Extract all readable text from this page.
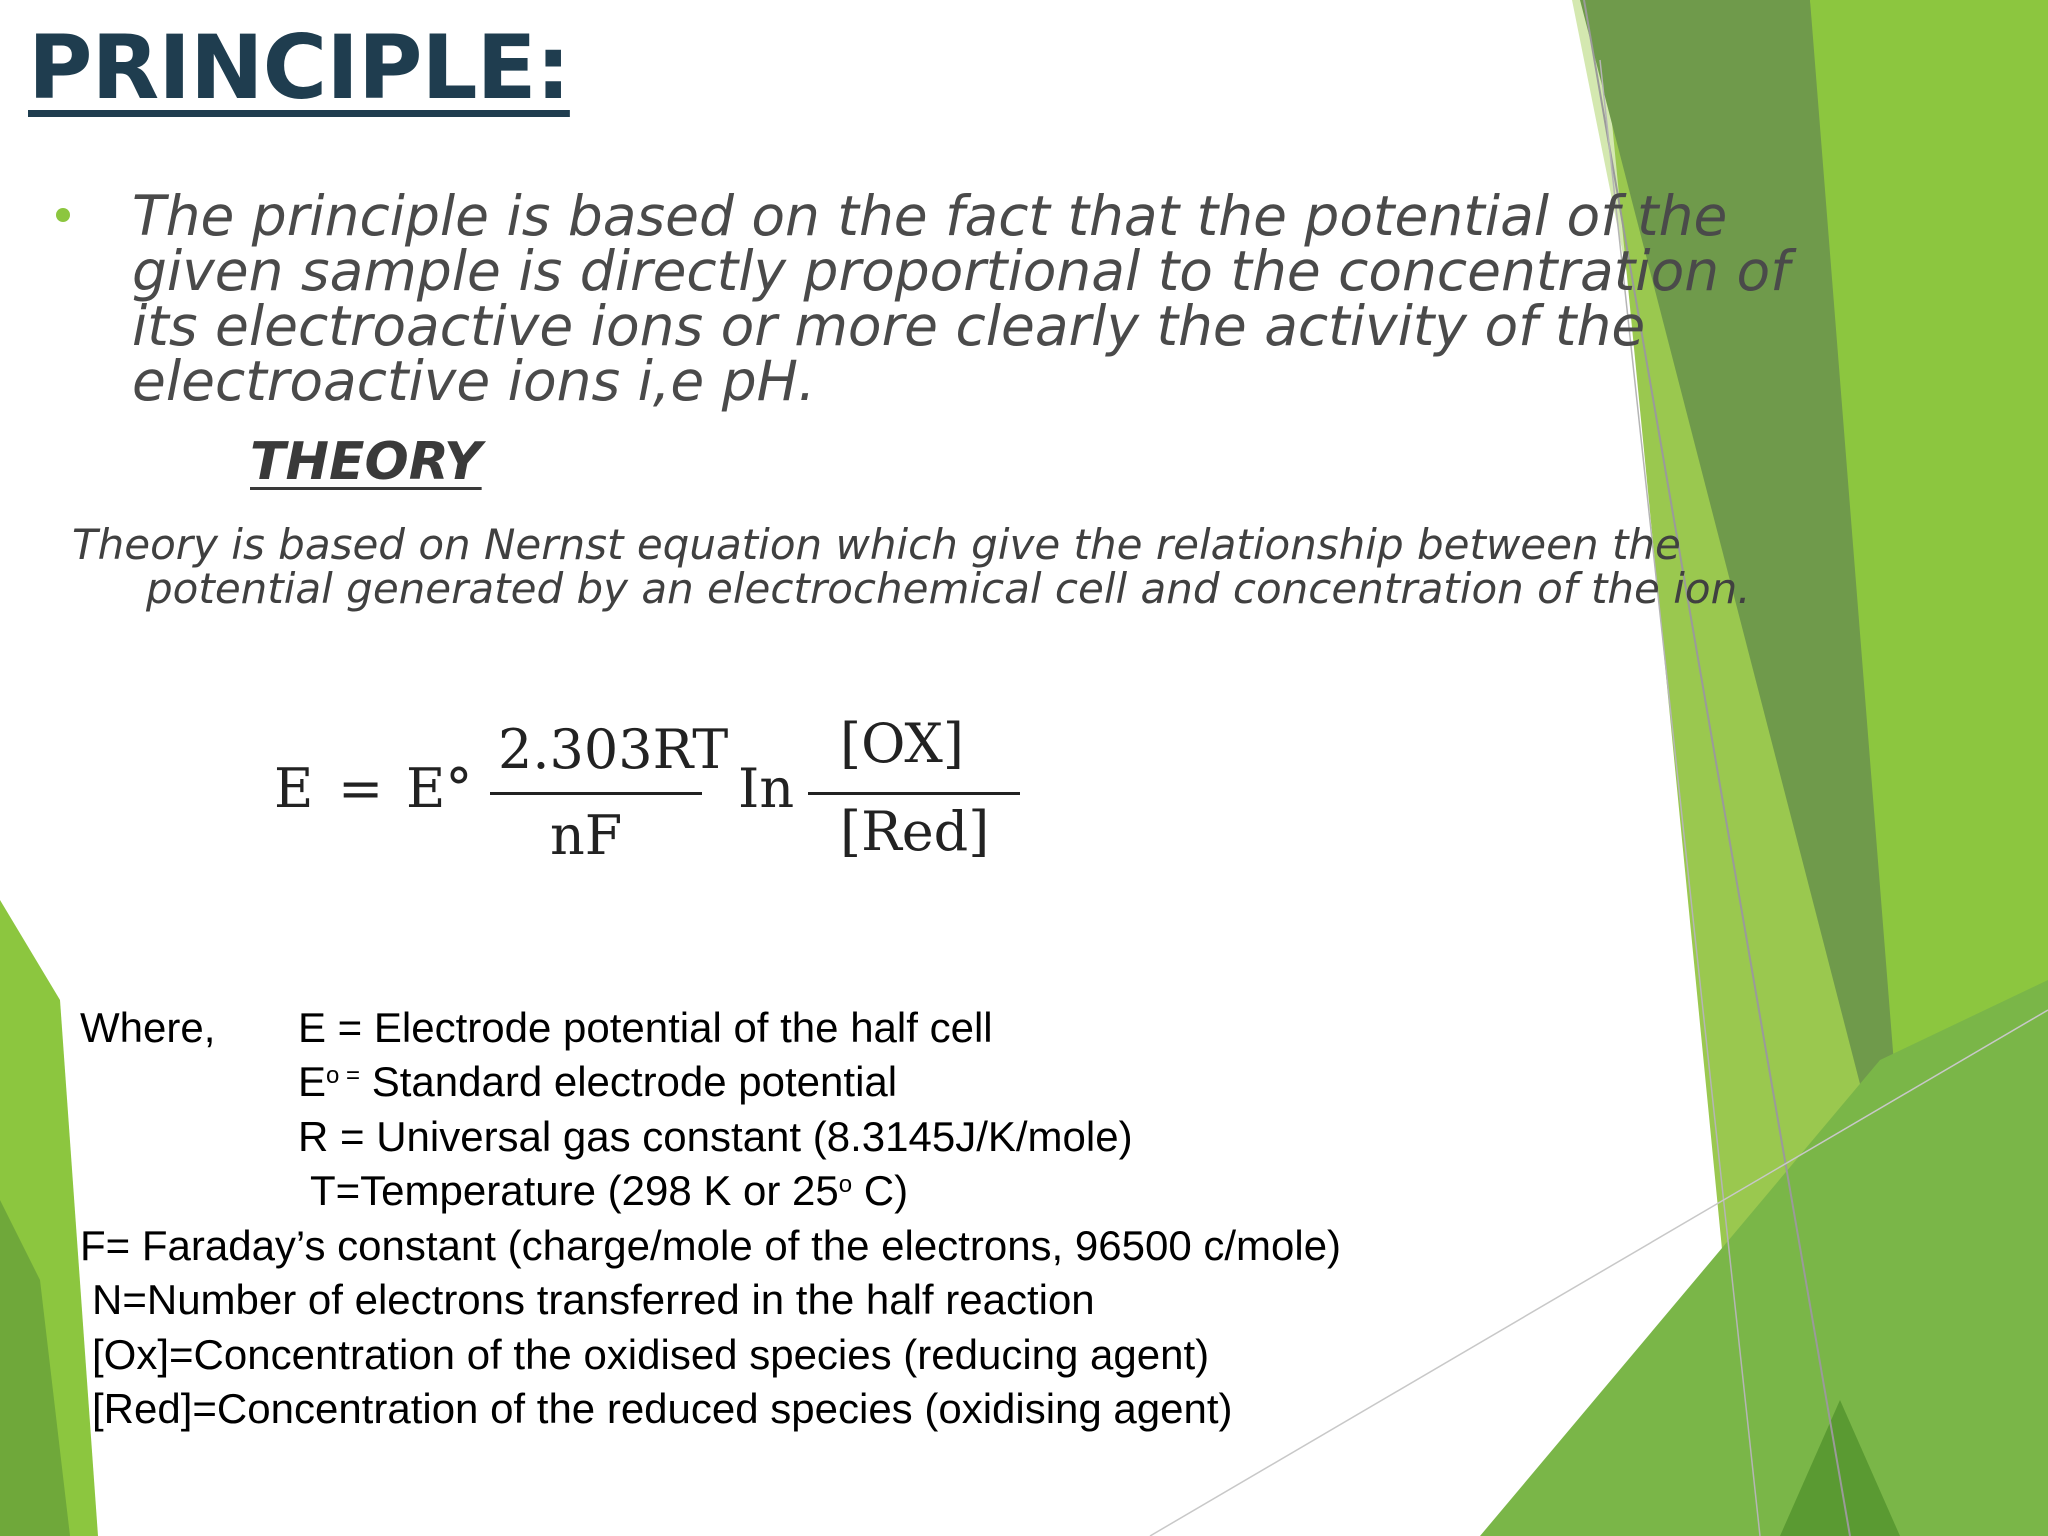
PRINCIPLE:
The principle is based on the fact that the potential of the
given sample is directly proportional to the concentration of
its electroactive ions or more clearly the activity of the
electroactive ions i,e pH.
THEORY
Theory is based on Nernst equation which give the relationship between the
potential generated by an electrochemical cell and concentration of the ion.
E = E°
2.303RT
nF
In
[OX]
[Red]
Where, E = Electrode potential of the half cell
$E^{o =}$ Standard electrode potential
R = Universal gas constant (8.3145J/K/mole)
T=Temperature (298 K or 25$^o$ C)
F= Faraday’s constant (charge/mole of the electrons, 96500 c/mole)
N=Number of electrons transferred in the half reaction
[Ox]=Concentration of the oxidised species (reducing agent)
[Red]=Concentration of the reduced species (oxidising agent)
